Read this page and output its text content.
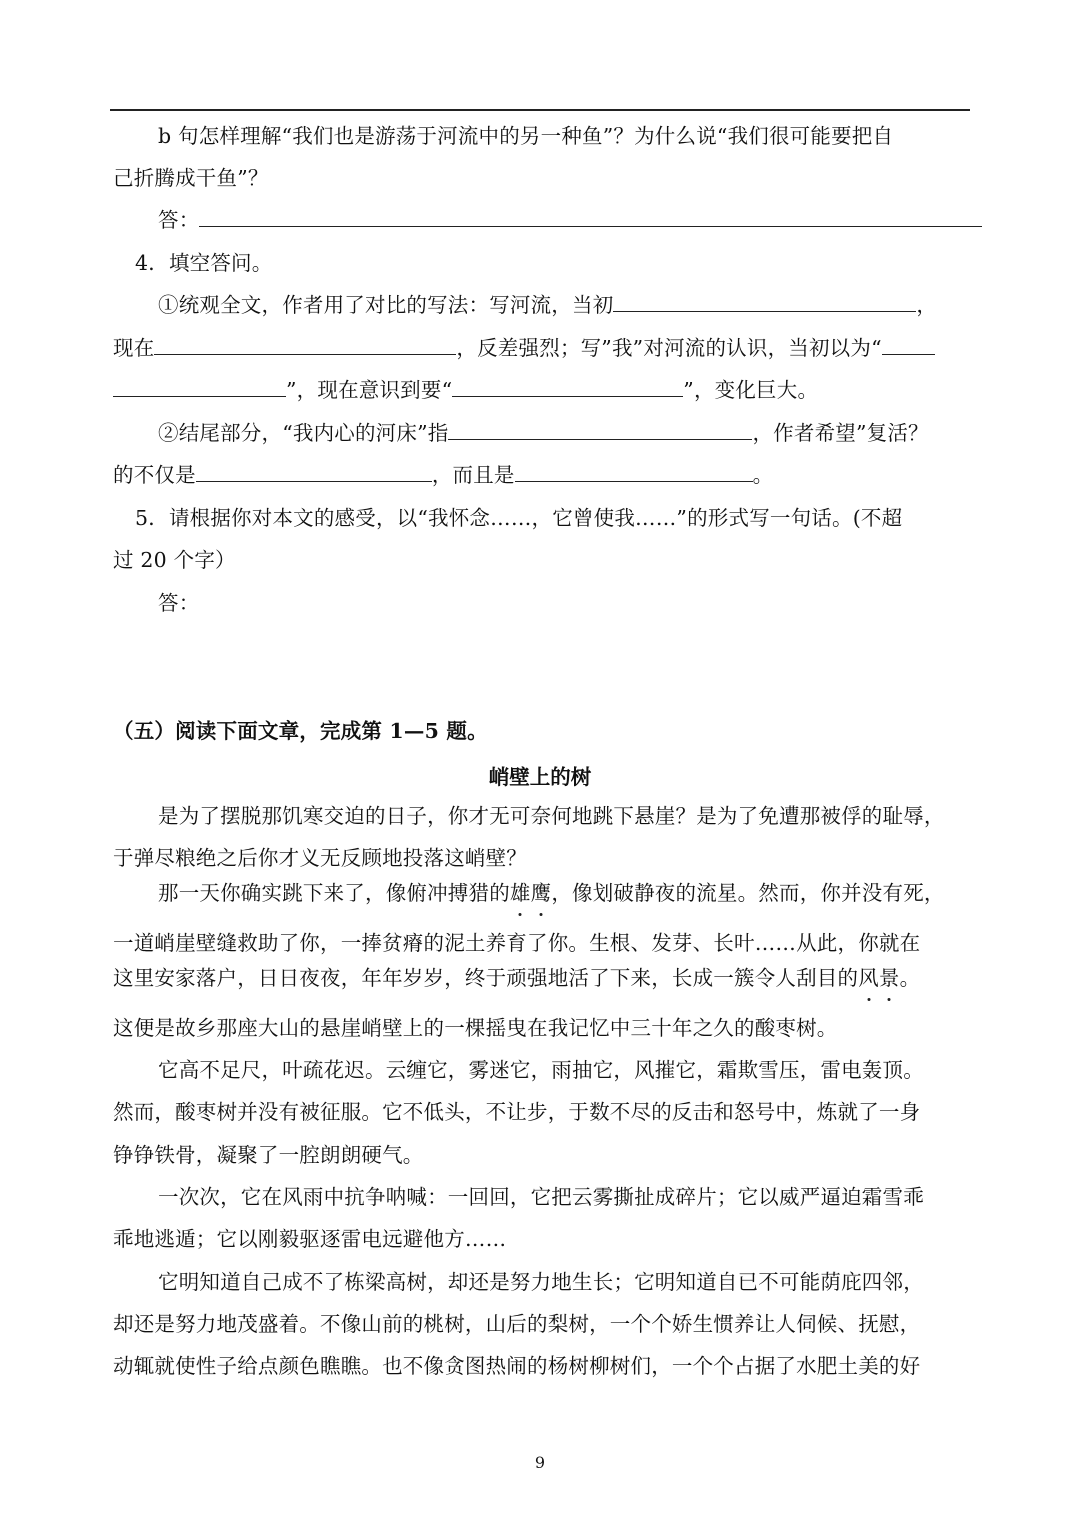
b 句怎样理解“我们也是游荡于河流中的另一种鱼”？为什么说“我们很可能要把自
己折腾成干鱼”？
答：
4．填空答问。
①统观全文，作者用了对比的写法：写河流，当初	，
现在	，反差强烈；写”我”对河流的认识，当初以为“
”，现在意识到要“	”，变化巨大。
②结尾部分，“我内心的河床”指	，作者希望”复活？
的不仅是	，而且是	。
5．请根据你对本文的感受，以“我怀念……，它曾使我……”的形式写一句话。(不超
过 20 个字）
答：
（五）阅读下面文章，完成第 1—5 题。
峭壁上的树
是为了摆脱那饥寒交迫的日子，你才无可奈何地跳下悬崖？是为了免遭那被俘的耻辱，
于弹尽粮绝之后你才义无反顾地投落这峭壁？
那一天你确实跳下来了，像俯冲搏猎的雄鹰，像划破静夜的流星。然而，你并没有死，
一道峭崖壁缝救助了你，一捧贫瘠的泥土养育了你。生根、发芽、长叶……从此，你就在
这里安家落户，日日夜夜，年年岁岁，终于顽强地活了下来，长成一簇令人刮目的风景。
这便是故乡那座大山的悬崖峭壁上的一棵摇曳在我记忆中三十年之久的酸枣树。
它高不足尺，叶疏花迟。云缠它，雾迷它，雨抽它，风摧它，霜欺雪压，雷电轰顶。
然而，酸枣树并没有被征服。它不低头，不让步，于数不尽的反击和怒号中，炼就了一身
铮铮铁骨，凝聚了一腔朗朗硬气。
一次次，它在风雨中抗争呐喊：一回回，它把云雾撕扯成碎片；它以威严逼迫霜雪乖
乖地逃遁；它以刚毅驱逐雷电远避他方……
它明知道自己成不了栋梁高树，却还是努力地生长；它明知道自已不可能荫庇四邻，
却还是努力地茂盛着。不像山前的桃树，山后的梨树，一个个娇生惯养让人伺候、抚慰，
动辄就使性子给点颜色瞧瞧。也不像贪图热闹的杨树柳树们，一个个占据了水肥土美的好
9
